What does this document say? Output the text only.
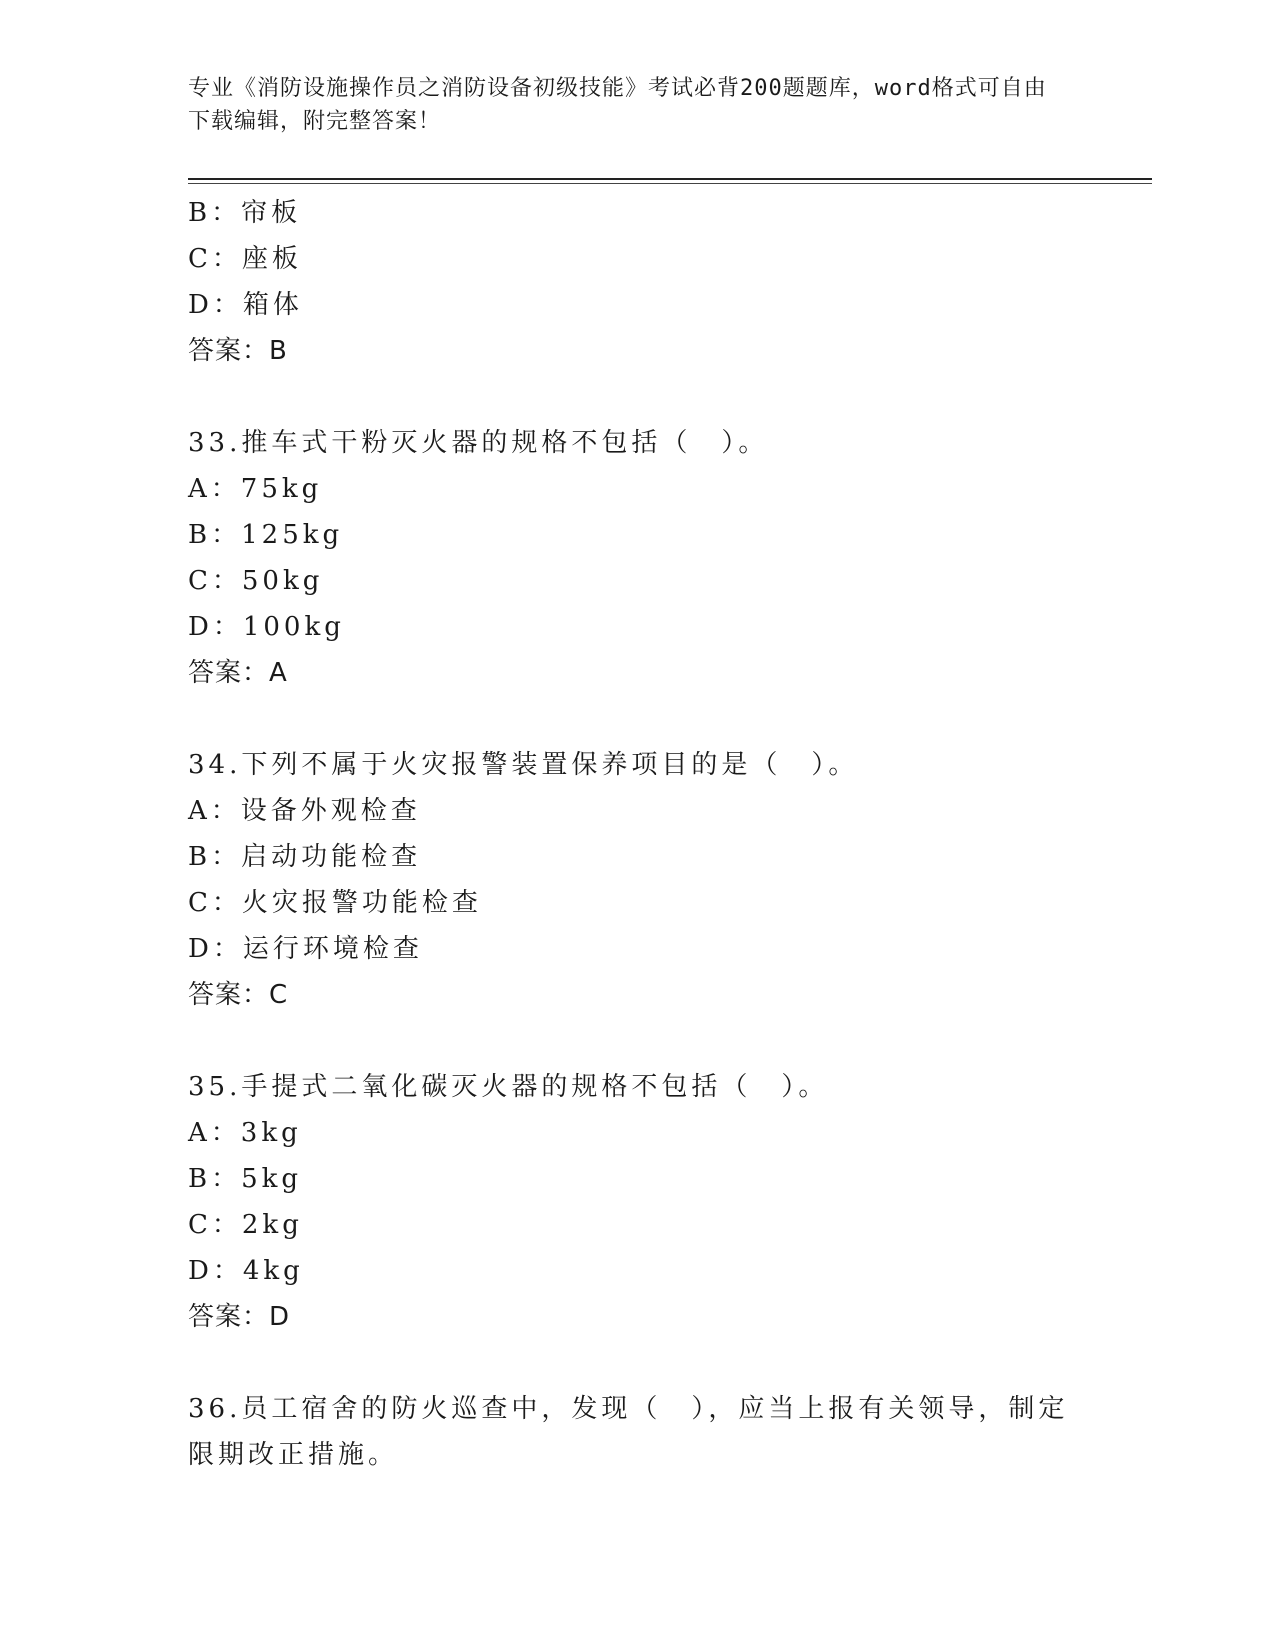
专业《消防设施操作员之消防设备初级技能》考试必背200题题库，word格式可自由下载编辑，附完整答案！
B：帘板
C：座板
D：箱体
答案：B
33.推车式干粉灭火器的规格不包括（　）。
A：75kg
B：125kg
C：50kg
D：100kg
答案：A
34.下列不属于火灾报警装置保养项目的是（　）。
A：设备外观检查
B：启动功能检查
C：火灾报警功能检查
D：运行环境检查
答案：C
35.手提式二氧化碳灭火器的规格不包括（　）。
A：3kg
B：5kg
C：2kg
D：4kg
答案：D
36.员工宿舍的防火巡查中，发现（　），应当上报有关领导，制定限期改正措施。
